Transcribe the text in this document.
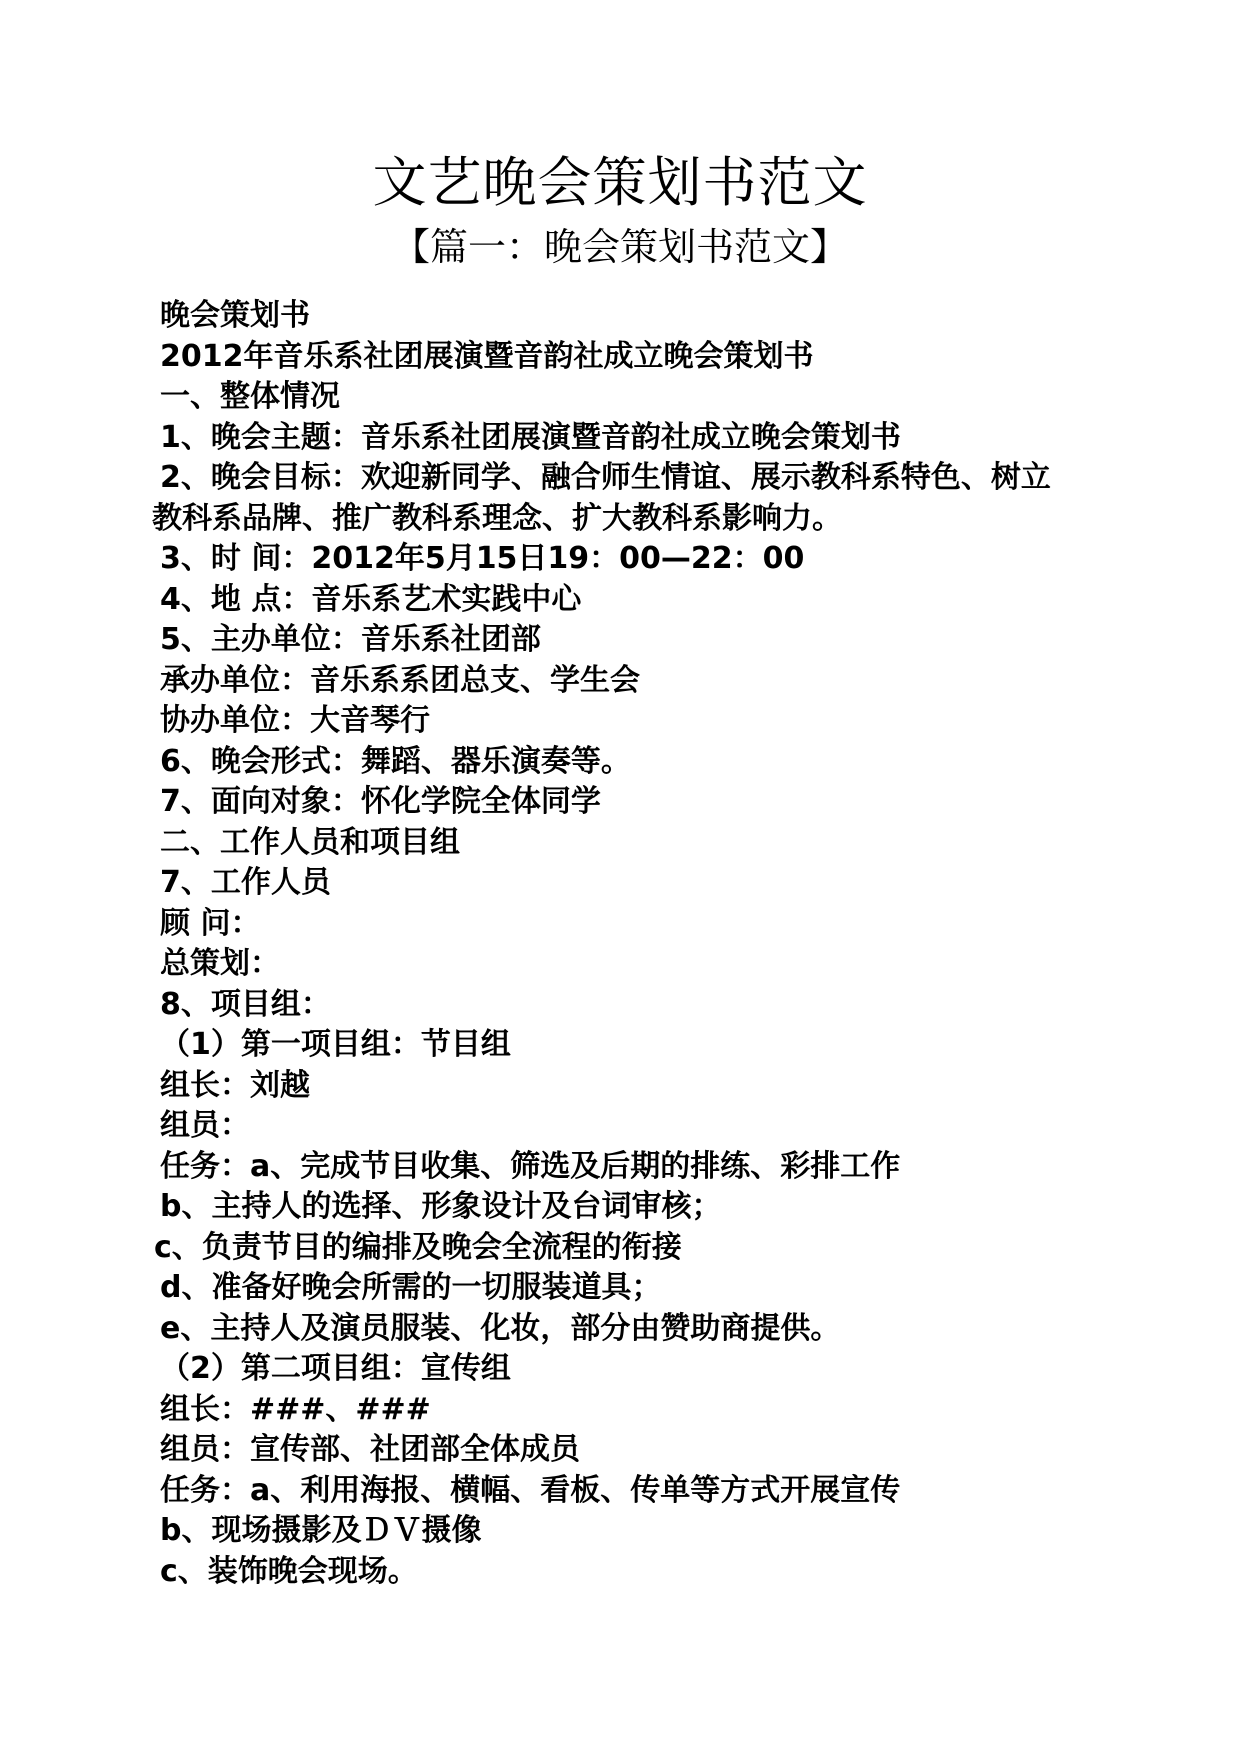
文艺晚会策划书范文
【篇一：晚会策划书范文】
晚会策划书
2012年音乐系社团展演暨音韵社成立晚会策划书
一、整体情况
1、晚会主题：音乐系社团展演暨音韵社成立晚会策划书
2、晚会目标：欢迎新同学、融合师生情谊、展示教科系特色、树立
教科系品牌、推广教科系理念、扩大教科系影响力。
3、时 间：2012年5月15日19：00—22：00
4、地 点：音乐系艺术实践中心
5、主办单位：音乐系社团部
承办单位：音乐系系团总支、学生会
协办单位：大音琴行
6、晚会形式：舞蹈、器乐演奏等。
7、面向对象：怀化学院全体同学
二、工作人员和项目组
7、工作人员
顾 问：
总策划：
8、项目组：
（1）第一项目组：节目组
组长：刘越
组员：
任务：a、完成节目收集、筛选及后期的排练、彩排工作
b、主持人的选择、形象设计及台词审核；
c、负责节目的编排及晚会全流程的衔接
d、准备好晚会所需的一切服装道具；
e、主持人及演员服装、化妆，部分由赞助商提供。
（2）第二项目组：宣传组
组长：###、###
组员：宣传部、社团部全体成员
任务：a、利用海报、横幅、看板、传单等方式开展宣传
b、现场摄影及ＤＶ摄像
c、装饰晚会现场。
